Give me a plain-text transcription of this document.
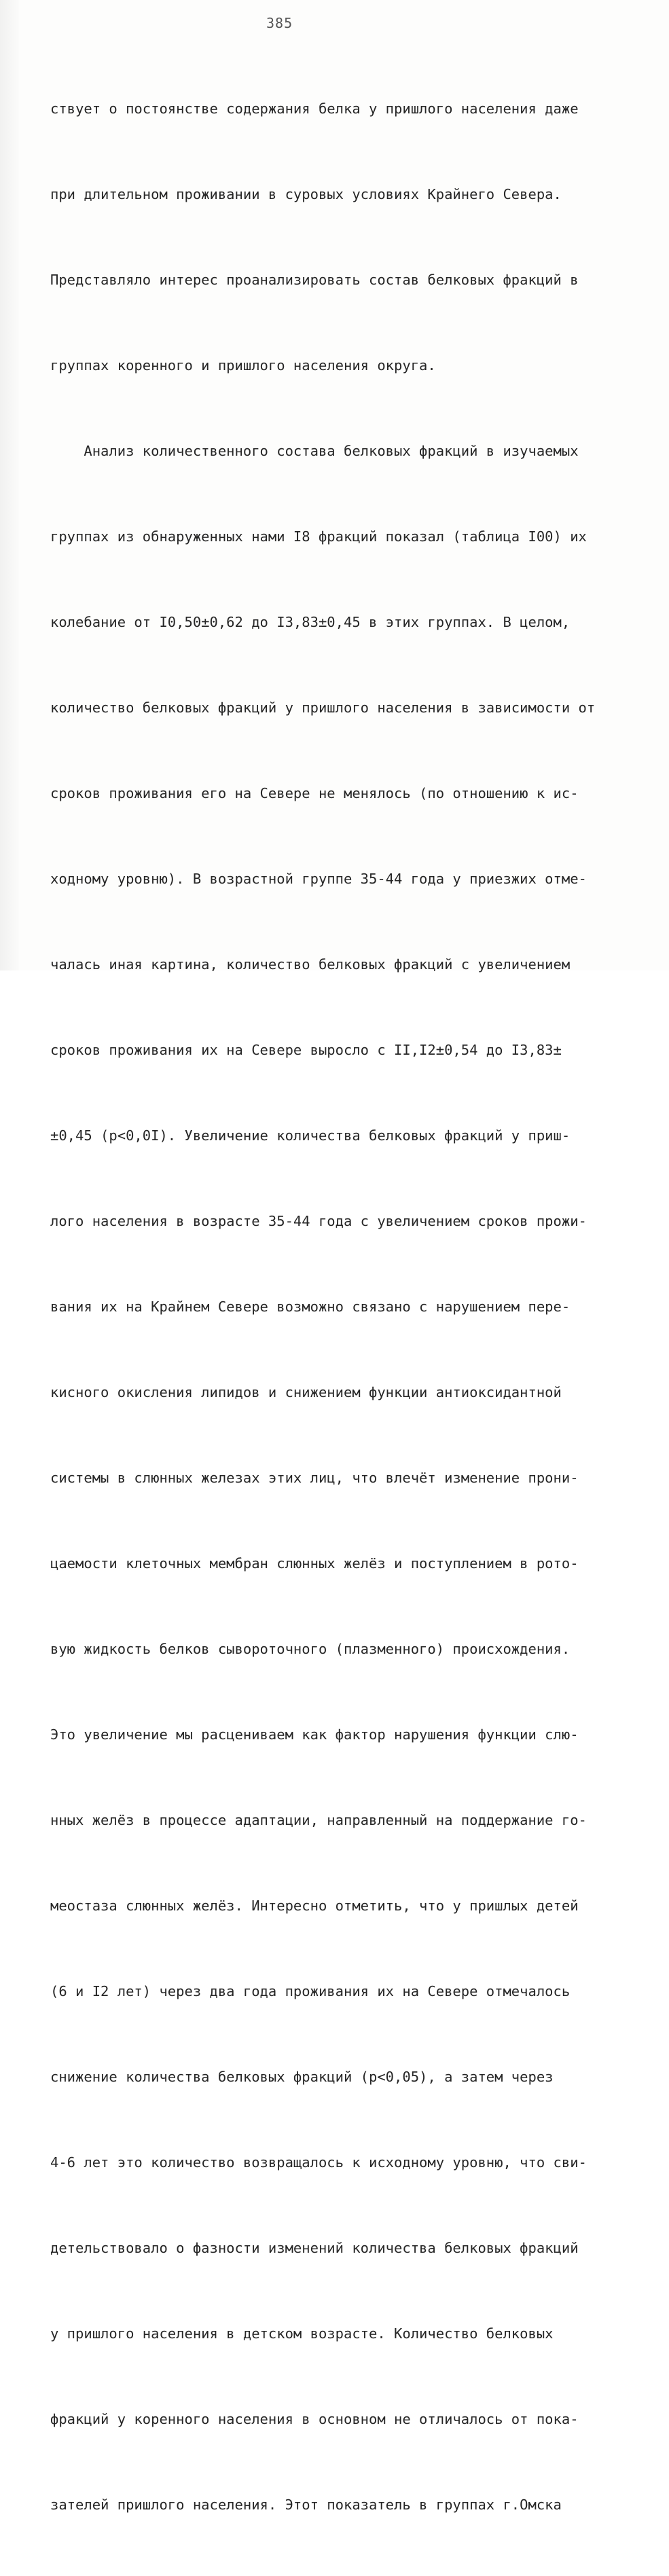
385

ствует о постоянстве содержания белка у пришлого населения даже

при длительном проживании в суровых условиях Крайнего Севера.

Представляло интерес проанализировать состав белковых фракций в

группах коренного и пришлого населения округа.

Анализ количественного состава белковых фракций в изучаемых

группах из обнаруженных нами I8 фракций показал (таблица I00) их

колебание от I0,50±0,62 до I3,83±0,45 в этих группах. В целом,

количество белковых фракций у пришлого населения в зависимости от

сроков проживания его на Севере не менялось (по отношению к ис-

ходному уровню). В возрастной группе 35-44 года у приезжих отме-

чалась иная картина, количество белковых фракций с увеличением

сроков проживания их на Севере выросло с II,I2±0,54 до I3,83±

±0,45 (р<0,0I). Увеличение количества белковых фракций у приш-

лого населения в возрасте 35-44 года с увеличением сроков прожи-

вания их на Крайнем Севере возможно связано с нарушением пере-

кисного окисления липидов и снижением функции антиоксидантной

системы в слюнных железах этих лиц, что влечёт изменение прони-

цаемости клеточных мембран слюнных желёз и поступлением в рото-

вую жидкость белков сывороточного (плазменного) происхождения.

Это увеличение мы расцениваем как фактор нарушения функции слю-

нных желёз в процессе адаптации, направленный на поддержание го-

меостаза слюнных желёз. Интересно отметить, что у пришлых детей

(6 и I2 лет) через два года проживания их на Севере отмечалось

снижение количества белковых фракций (р<0,05), а затем через

4-6 лет это количество возвращалось к исходному уровню, что сви-

детельствовало о фазности изменений количества белковых фракций

у пришлого населения в детском возрасте. Количество белковых

фракций у коренного населения в основном не отличалось от пока-

зателей пришлого населения. Этот показатель в группах г.Омска
